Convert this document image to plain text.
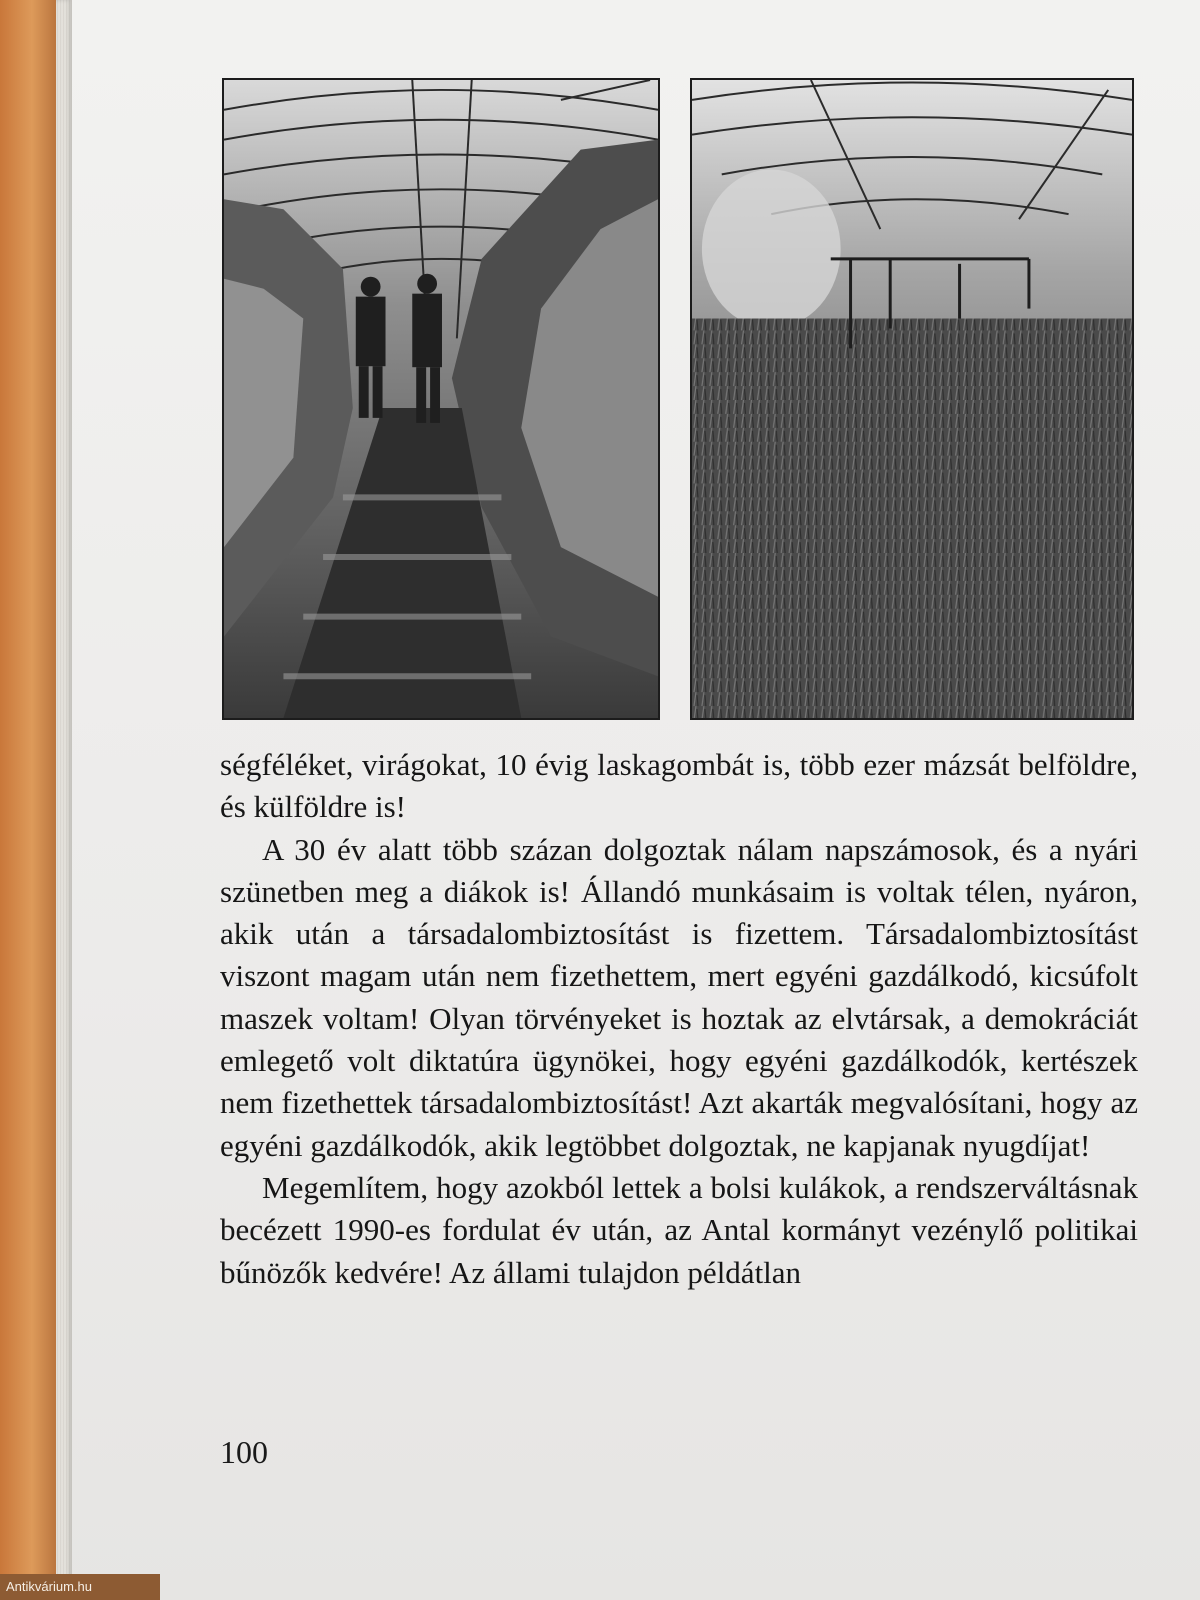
ségféléket, virágokat, 10 évig laskagombát is, több ezer mázsát belföldre, és külföldre is!

A 30 év alatt több százan dolgoztak nálam napszámosok, és a nyári szünetben meg a diákok is! Állandó munkásaim is voltak télen, nyáron, akik után a társadalombiztosítást is fizettem. Társadalombiztosítást viszont magam után nem fizethettem, mert egyéni gazdálkodó, kicsúfolt maszek voltam! Olyan törvényeket is hoztak az elvtársak, a demokráciát emlegető volt diktatúra ügynökei, hogy egyéni gazdálkodók, kertészek nem fizethettek társadalombiztosítást! Azt akarták megvalósítani, hogy az egyéni gazdálkodók, akik legtöbbet dolgoztak, ne kapjanak nyugdíjat!

Megemlítem, hogy azokból lettek a bolsi kulákok, a rendszerváltásnak becézett 1990-es fordulat év után, az Antal kormányt vezénylő politikai bűnözők kedvére! Az állami tulajdon példátlan

100
Antikvárium.hu
